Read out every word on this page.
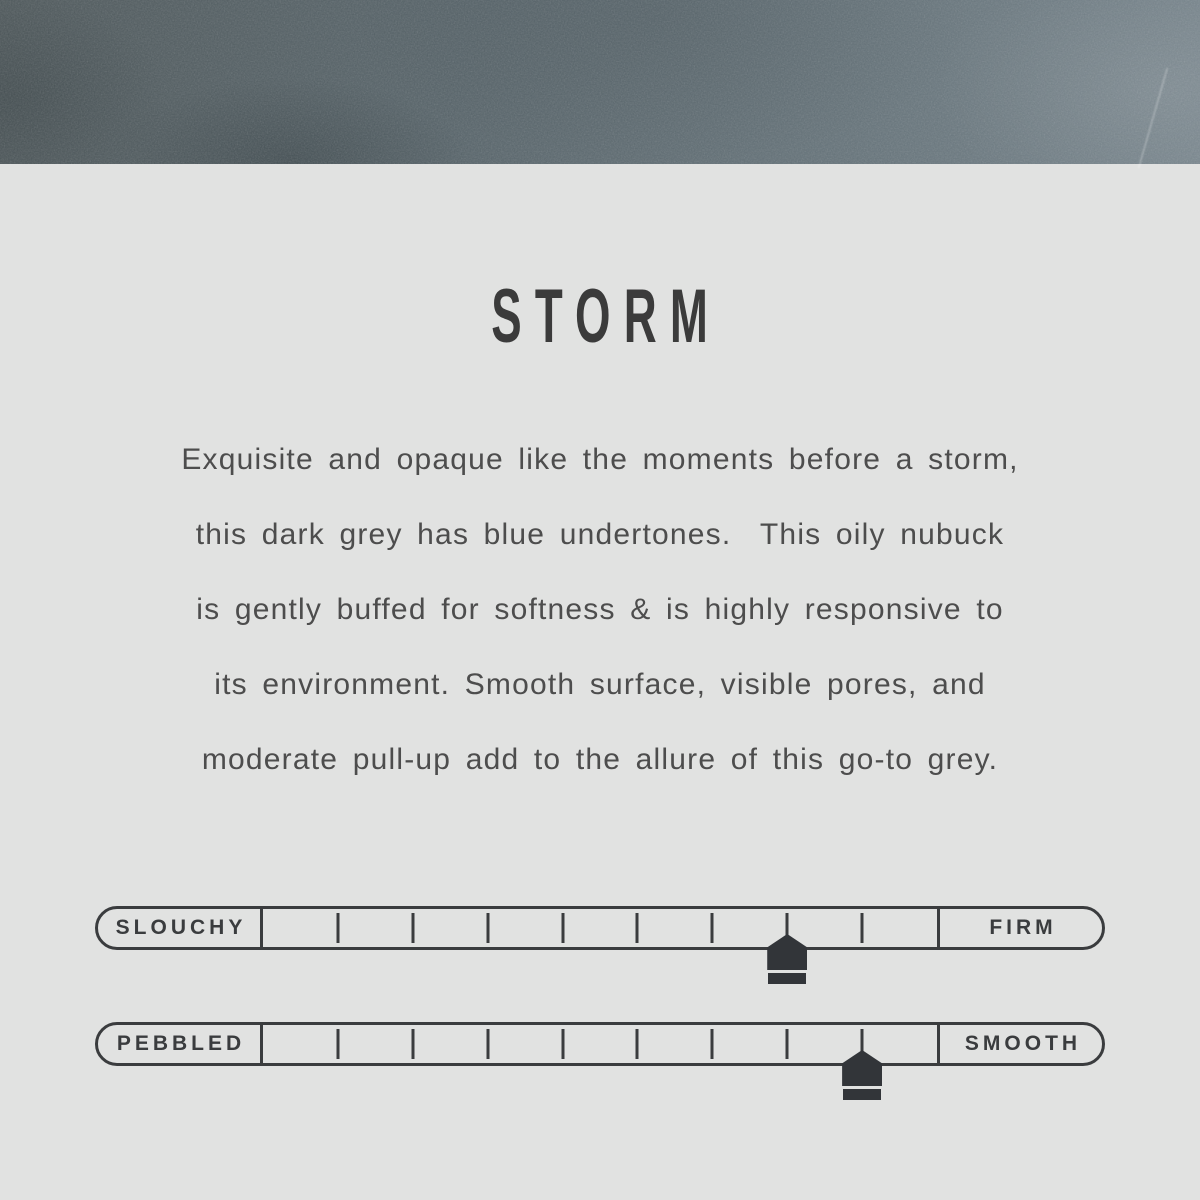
STORM
Exquisite and opaque like the moments before a storm,
this dark grey has blue undertones.  This oily nubuck
is gently buffed for softness & is highly responsive to
its environment. Smooth surface, visible pores, and
moderate pull-up add to the allure of this go-to grey.
SLOUCHY	FIRM
PEBBLED	SMOOTH
